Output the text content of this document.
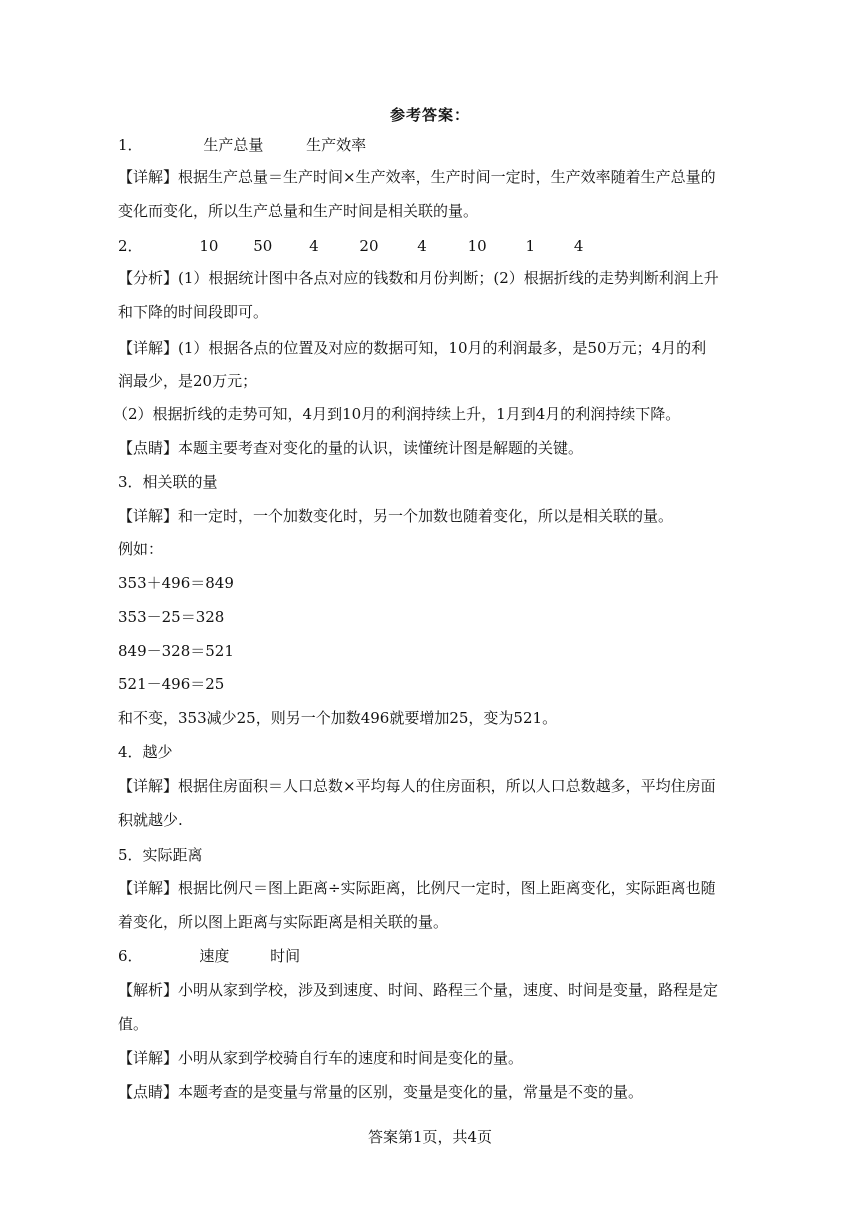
参考答案：
1．	生产总量	生产效率
【详解】根据生产总量＝生产时间×生产效率，生产时间一定时，生产效率随着生产总量的
变化而变化，所以生产总量和生产时间是相关联的量。
2．	10 50 4	20	4	10	1	4
【分析】(1）根据统计图中各点对应的钱数和月份判断；(2）根据折线的走势判断利润上升
和下降的时间段即可。
【详解】(1）根据各点的位置及对应的数据可知，10月的利润最多，是50万元；4月的利
润最少，是20万元；
（2）根据折线的走势可知，4月到10月的利润持续上升，1月到4月的利润持续下降。
【点睛】本题主要考查对变化的量的认识，读懂统计图是解题的关键。
3．相关联的量
【详解】和一定时，一个加数变化时，另一个加数也随着变化，所以是相关联的量。
例如：
353＋496＝849
353－25＝328
849－328＝521
521－496＝25
和不变，353减少25，则另一个加数496就要增加25，变为521。
4．越少
【详解】根据住房面积＝人口总数×平均每人的住房面积，所以人口总数越多，平均住房面
积就越少.
5．实际距离
【详解】根据比例尺＝图上距离÷实际距离，比例尺一定时，图上距离变化，实际距离也随
着变化，所以图上距离与实际距离是相关联的量。
6．	速度	时间
【解析】小明从家到学校，涉及到速度、时间、路程三个量，速度、时间是变量，路程是定
值。
【详解】小明从家到学校骑自行车的速度和时间是变化的量。
【点睛】本题考查的是变量与常量的区别，变量是变化的量，常量是不变的量。
答案第1页，共4页
